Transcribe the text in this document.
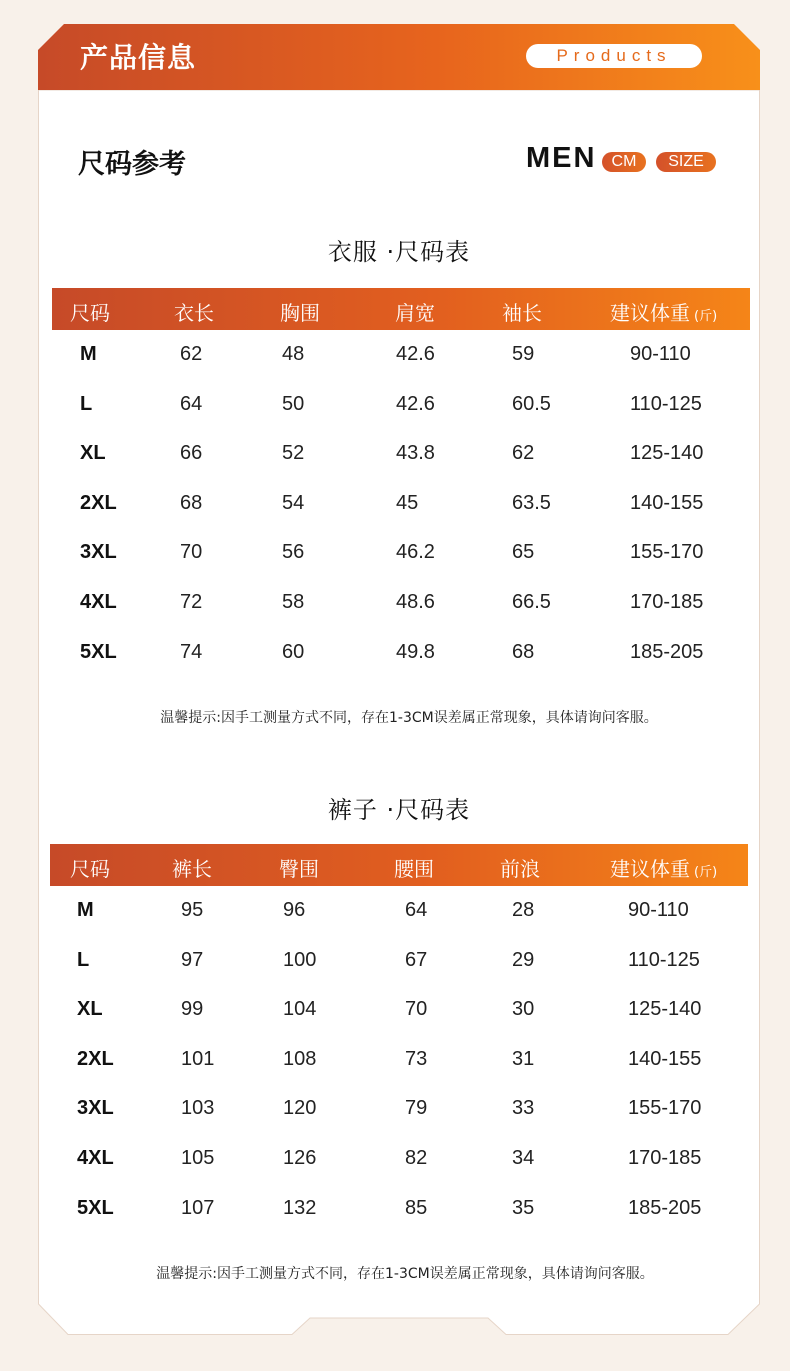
产品信息	Products
尺码参考	MEN CM	SIZE
衣服 ·尺码表
尺码	衣长	胸围	肩宽	袖长	建议体重 (斤)
M	62	48	42.6	59	90-110
L	64	50	42.6	60.5	110-125
XL	66	52	43.8	62	125-140
2XL	68	54	45	63.5	140-155
3XL	70	56	46.2	65	155-170
4XL	72	58	48.6	66.5	170-185
5XL	74	60	49.8	68	185-205
温馨提示:因手工测量方式不同，存在1-3CM误差属正常现象，具体请询问客服。
裤子 ·尺码表
尺码	裤长	臀围	腰围	前浪	建议体重 (斤)
M	95	96	64	28	90-110
L	97	100	67	29	110-125
XL	99	104	70	30	125-140
2XL	101	108	73	31	140-155
3XL	103	120	79	33	155-170
4XL	105	126	82	34	170-185
5XL	107	132	85	35	185-205
温馨提示:因手工测量方式不同，存在1-3CM误差属正常现象，具体请询问客服。
